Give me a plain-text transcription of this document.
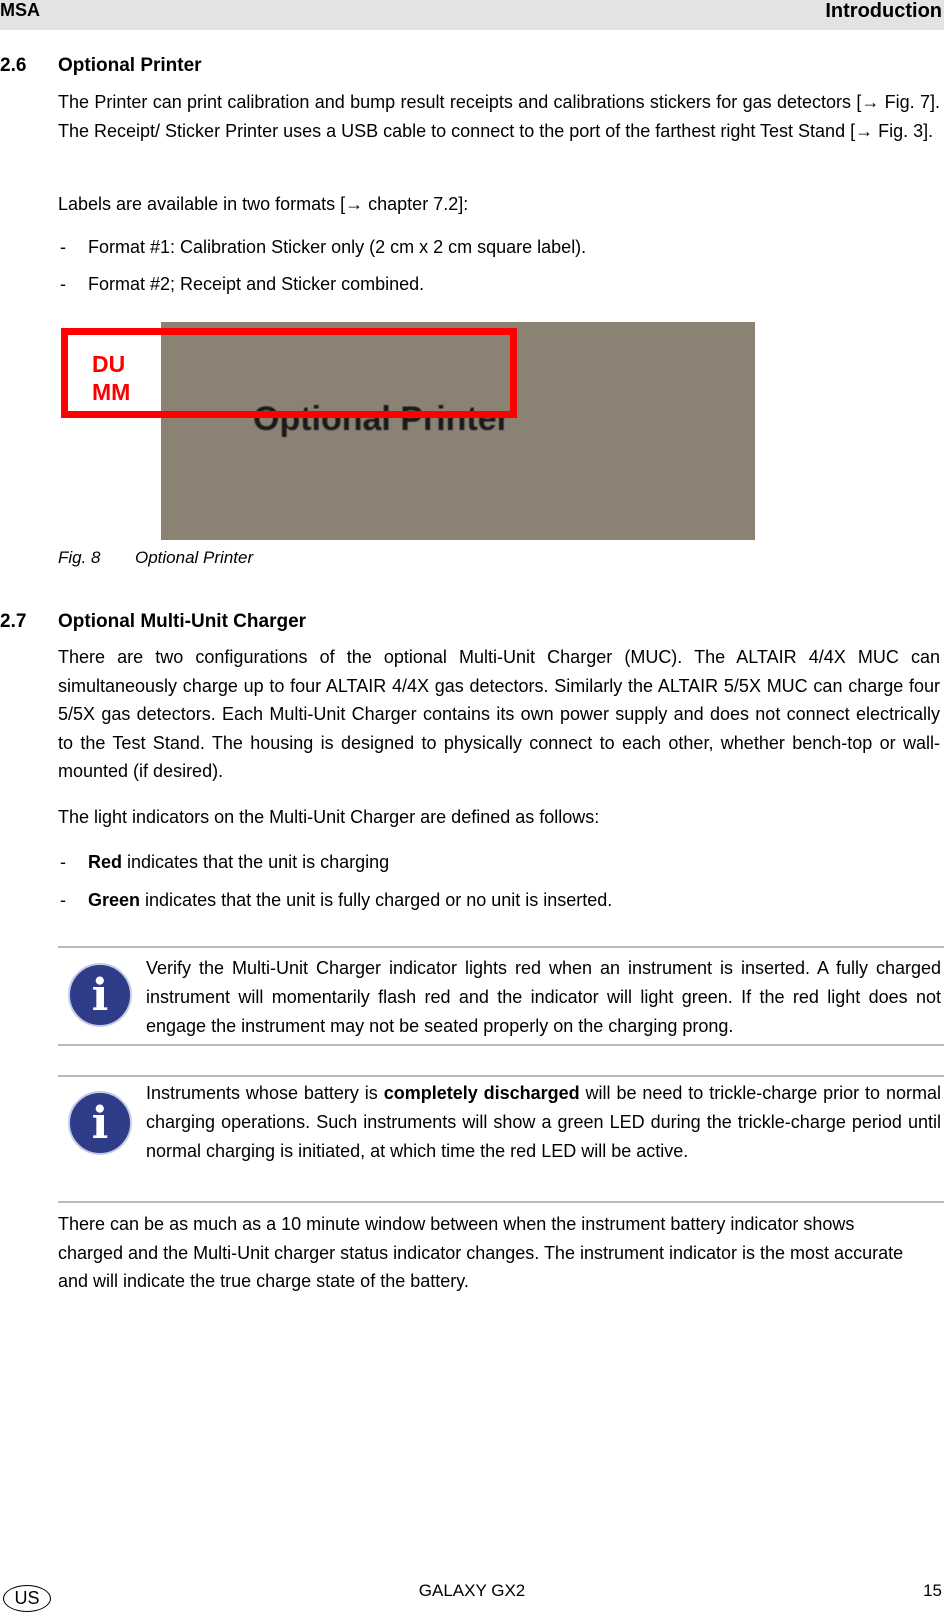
MSA	Introduction
2.6 Optional Printer
The Printer can print calibration and bump result receipts and calibrations stickers for gas detectors [→ Fig. 7]. The Receipt/ Sticker Printer uses a USB cable to connect to the port of the farthest right Test Stand [→ Fig. 3].
Labels are available in two formats [→ chapter 7.2]:
- Format #1: Calibration Sticker only (2 cm x 2 cm square label).
- Format #2; Receipt and Sticker combined.
Optional Printer
DU MM
Fig. 8 Optional Printer
2.7 Optional Multi-Unit Charger
There are two configurations of the optional Multi-Unit Charger (MUC). The ALTAIR 4/4X MUC can simultaneously charge up to four ALTAIR 4/4X gas detectors. Similarly the ALTAIR 5/5X MUC can charge four 5/5X gas detectors. Each Multi-Unit Charger contains its own power supply and does not connect electrically to the Test Stand. The housing is designed to physically connect to each other, whether bench-top or wall-mounted (if desired).
The light indicators on the Multi-Unit Charger are defined as follows:
- Red indicates that the unit is charging
- Green indicates that the unit is fully charged or no unit is inserted.
i
Verify the Multi-Unit Charger indicator lights red when an instrument is inserted. A fully charged instrument will momentarily flash red and the indicator will light green. If the red light does not engage the instrument may not be seated properly on the charging prong.
i
Instruments whose battery is completely discharged will be need to trickle-charge prior to normal charging operations. Such instruments will show a green LED during the trickle-charge period until normal charging is initiated, at which time the red LED will be active.
There can be as much as a 10 minute window between when the instrument battery indicator shows charged and the Multi-Unit charger status indicator changes. The instrument indicator is the most accurate and will indicate the true charge state of the battery.
US	GALAXY GX2	15
